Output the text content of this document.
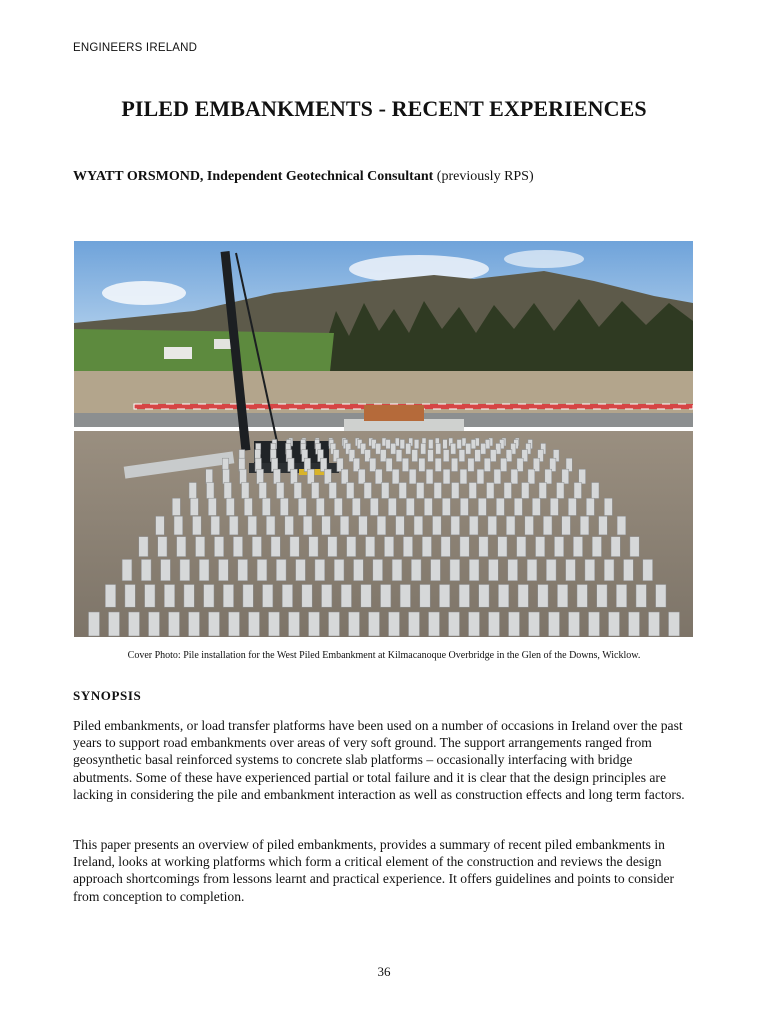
ENGINEERS IRELAND
PILED EMBANKMENTS - RECENT EXPERIENCES
WYATT ORSMOND, Independent Geotechnical Consultant (previously RPS)
Cover Photo: Pile installation for the West Piled Embankment at Kilmacanoque Overbridge in the Glen of the Downs, Wicklow.
SYNOPSIS
Piled embankments, or load transfer platforms have been used on a number of occasions in Ireland over the past years to support road embankments over areas of very soft ground. The support arrangements ranged from geosynthetic basal reinforced systems to concrete slab platforms – occasionally interfacing with bridge abutments. Some of these have experienced partial or total failure and it is clear that the design principles are lacking in considering the pile and embankment interaction as well as construction effects and long term factors.
This paper presents an overview of piled embankments, provides a summary of recent piled embankments in Ireland, looks at working platforms which form a critical element of the construction and reviews the design approach shortcomings from lessons learnt and practical experience. It offers guidelines and points to consider from conception to completion.
36
